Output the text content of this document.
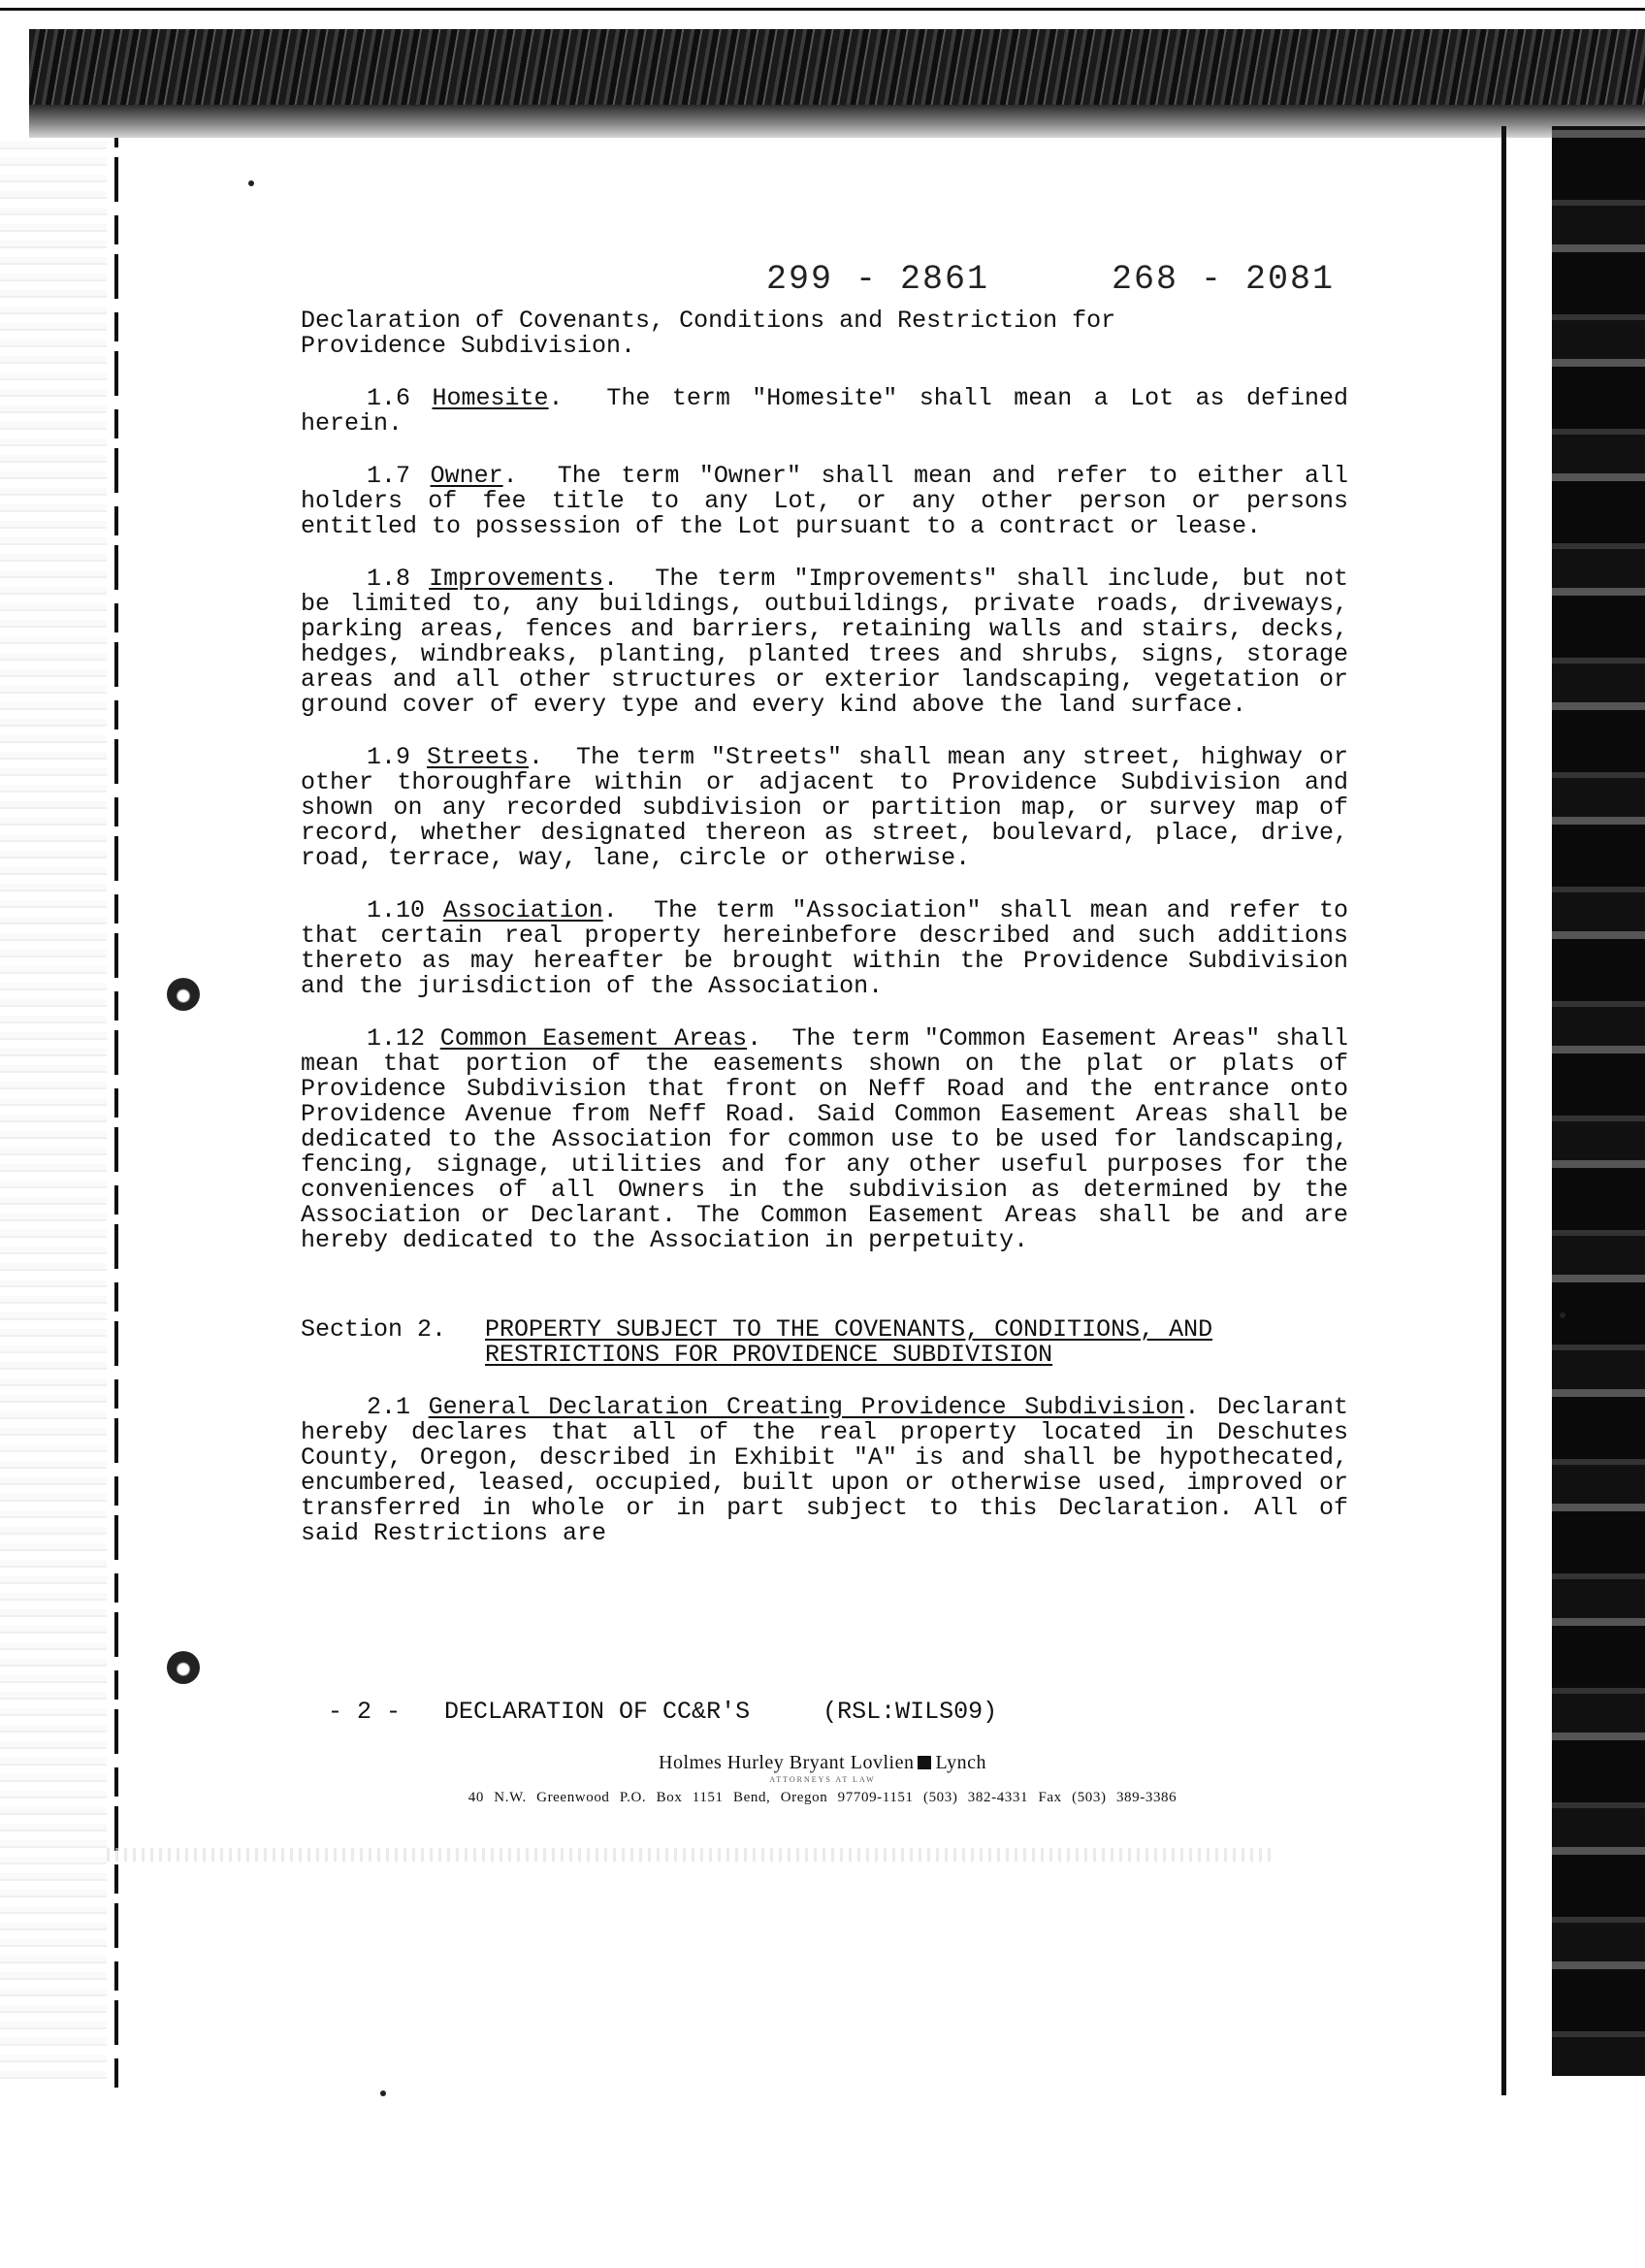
299 - 2861	268 - 2081

Declaration of Covenants, Conditions and Restriction for
Providence Subdivision.

1.6 Homesite.  The term "Homesite" shall mean a Lot as defined herein.

1.7 Owner.  The term "Owner" shall mean and refer to either all holders of fee title to any Lot, or any other person or persons entitled to possession of the Lot pursuant to a contract or lease.

1.8 Improvements.  The term "Improvements" shall include, but not be limited to, any buildings, outbuildings, private roads, driveways, parking areas, fences and barriers, retaining walls and stairs, decks, hedges, windbreaks, planting, planted trees and shrubs, signs, storage areas and all other structures or exterior landscaping, vegetation or ground cover of every type and every kind above the land surface.

1.9 Streets.  The term "Streets" shall mean any street, highway or other thoroughfare within or adjacent to Providence Subdivision and shown on any recorded subdivision or partition map, or survey map of record, whether designated thereon as street, boulevard, place, drive, road, terrace, way, lane, circle or otherwise.

1.10 Association.  The term "Association" shall mean and refer to that certain real property hereinbefore described and such additions thereto as may hereafter be brought within the Providence Subdivision and the jurisdiction of the Association.

1.12 Common Easement Areas.  The term "Common Easement Areas" shall mean that portion of the easements shown on the plat or plats of Providence Subdivision that front on Neff Road and the entrance onto Providence Avenue from Neff Road. Said Common Easement Areas shall be dedicated to the Association for common use to be used for landscaping, fencing, signage, utilities and for any other useful purposes for the conveniences of all Owners in the subdivision as determined by the Association or Declarant. The Common Easement Areas shall be and are hereby dedicated to the Association in perpetuity.

Section 2.	PROPERTY SUBJECT TO THE COVENANTS, CONDITIONS, AND
RESTRICTIONS FOR PROVIDENCE SUBDIVISION

2.1 General Declaration Creating Providence Subdivision. Declarant hereby declares that all of the real property located in Deschutes County, Oregon, described in Exhibit "A" is and shall be hypothecated, encumbered, leased, occupied, built upon or otherwise used, improved or transferred in whole or in part subject to this Declaration. All of said Restrictions are

- 2 -   DECLARATION OF CC&R'S     (RSL:WILS09)
Holmes Hurley Bryant Lovlien Lynch
ATTORNEYS AT LAW
40 N.W. Greenwood P.O. Box 1151 Bend, Oregon 97709-1151 (503) 382-4331 Fax (503) 389-3386
